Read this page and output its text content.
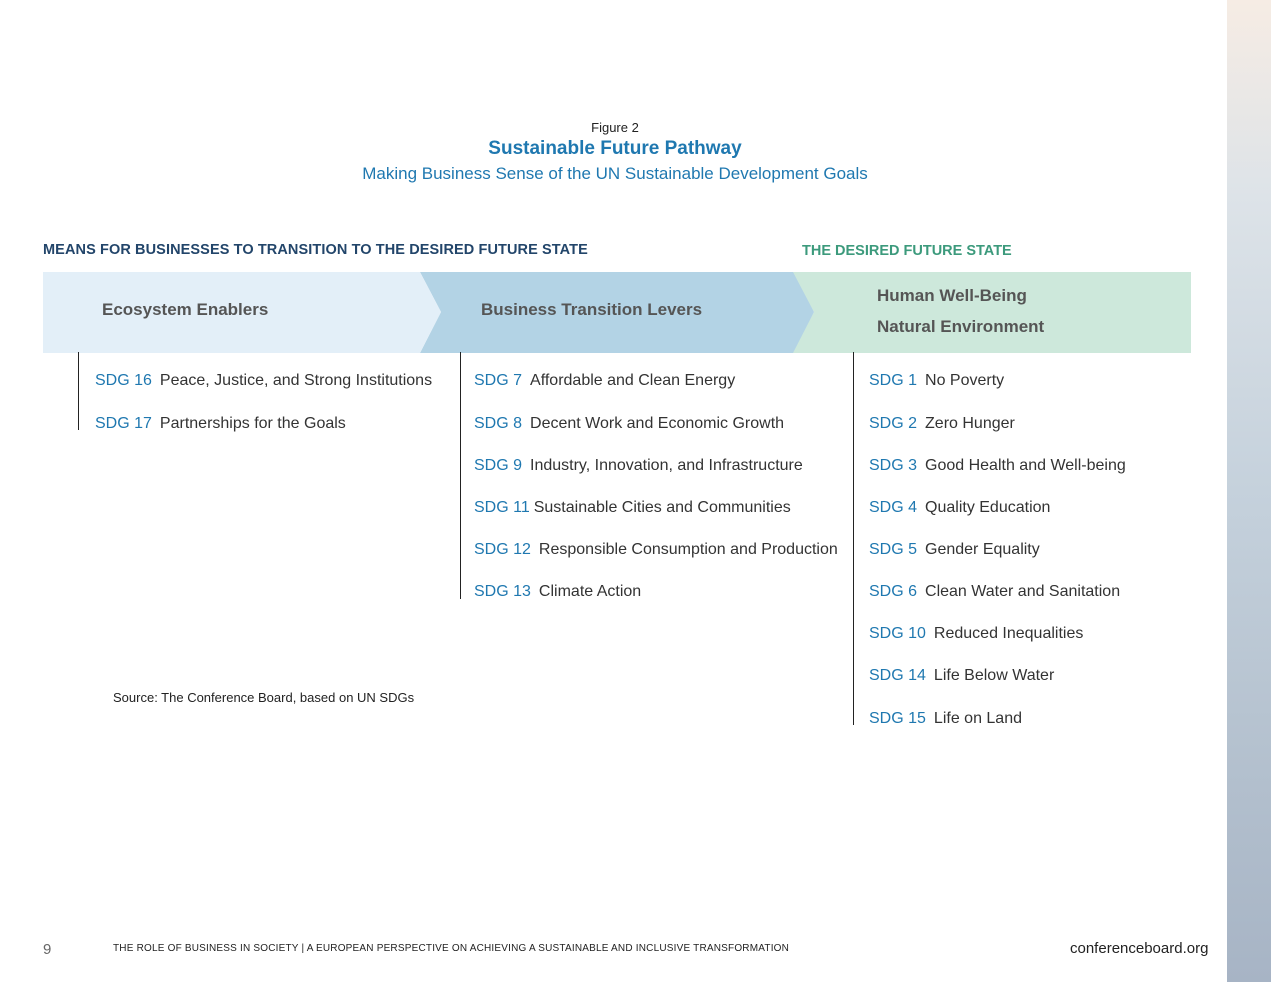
Figure 2
Sustainable Future Pathway
Making Business Sense of the UN Sustainable Development Goals
MEANS FOR BUSINESSES TO TRANSITION TO THE DESIRED FUTURE STATE	THE DESIRED FUTURE STATE
Ecosystem Enablers	Business Transition Levers
Human Well-Being
Natural Environment
SDG 16 Peace, Justice, and Strong Institutions
SDG 17 Partnerships for the Goals
SDG 7 Affordable and Clean Energy
SDG 8 Decent Work and Economic Growth
SDG 9 Industry, Innovation, and Infrastructure
SDG 11 Sustainable Cities and Communities
SDG 12 Responsible Consumption and Production
SDG 13 Climate Action
SDG 1 No Poverty
SDG 2 Zero Hunger
SDG 3 Good Health and Well-being
SDG 4 Quality Education
SDG 5 Gender Equality
SDG 6 Clean Water and Sanitation
SDG 10 Reduced Inequalities
SDG 14 Life Below Water
SDG 15 Life on Land
Source: The Conference Board, based on UN SDGs
9	THE ROLE OF BUSINESS IN SOCIETY | A EUROPEAN PERSPECTIVE ON ACHIEVING A SUSTAINABLE AND INCLUSIVE TRANSFORMATION	conferenceboard.org
